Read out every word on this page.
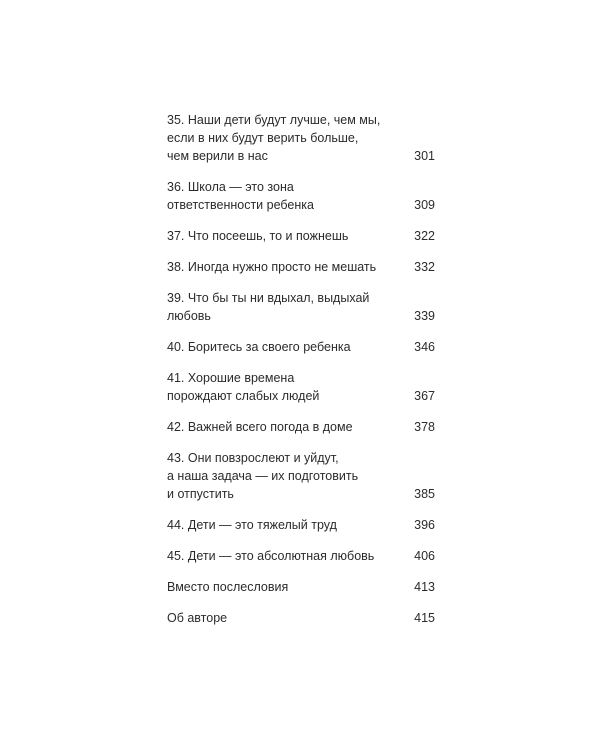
35. Наши дети будут лучше, чем мы,
если в них будут верить больше,
чем верили в нас	301
36. Школа — это зона
ответственности ребенка	309
37. Что посеешь, то и пожнешь	322
38. Иногда нужно просто не мешать	332
39. Что бы ты ни вдыхал, выдыхай любовь	339
40. Боритесь за своего ребенка	346
41. Хорошие времена
порождают слабых людей	367
42. Важней всего погода в доме	378
43. Они повзрослеют и уйдут,
а наша задача — их подготовить
и отпустить	385
44. Дети — это тяжелый труд	396
45. Дети — это абсолютная любовь	406
Вместо послесловия	413
Об авторе	415
